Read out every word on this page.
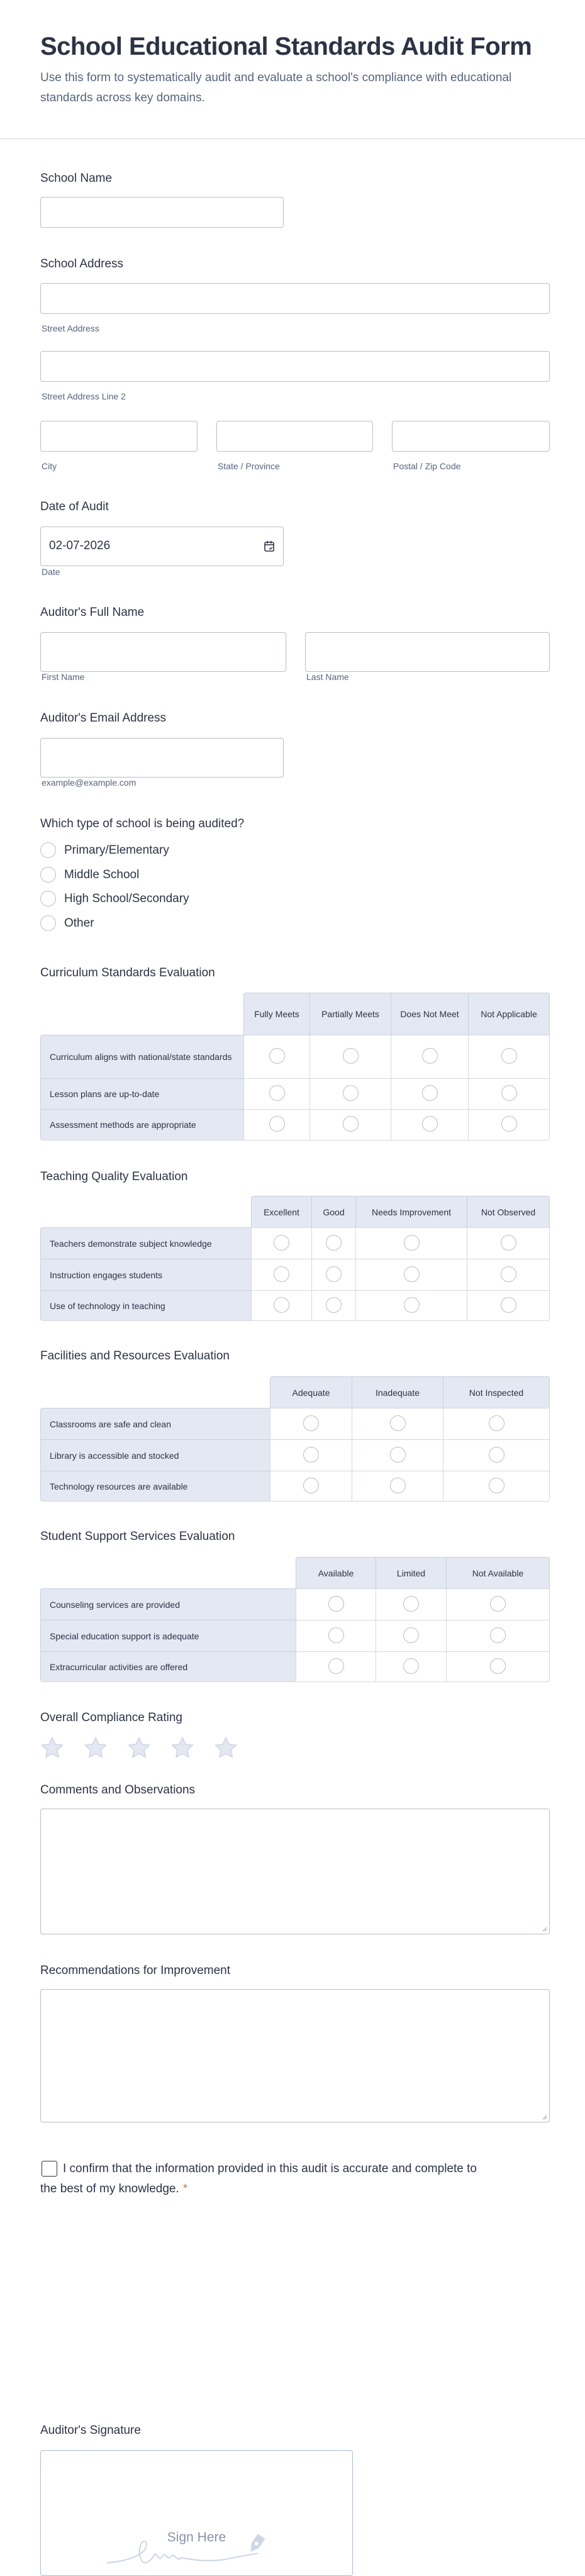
School Educational Standards Audit Form
Use this form to systematically audit and evaluate a school's compliance with educational standards across key domains.
School Name
School Address
Street Address
Street Address Line 2
City	State / Province	Postal / Zip Code
Date of Audit
02-07-2026
Date
Auditor's Full Name
First Name	Last Name
Auditor's Email Address
example@example.com
Which type of school is being audited?
Primary/Elementary
Middle School
High School/Secondary
Other
Curriculum Standards Evaluation
	Fully Meets	Partially Meets	Does Not Meet	Not Applicable
Curriculum aligns with national/state standards				
Lesson plans are up-to-date				
Assessment methods are appropriate				
Teaching Quality Evaluation
	Excellent	Good	Needs Improvement	Not Observed
Teachers demonstrate subject knowledge				
Instruction engages students				
Use of technology in teaching				
Facilities and Resources Evaluation
	Adequate	Inadequate	Not Inspected
Classrooms are safe and clean			
Library is accessible and stocked			
Technology resources are available			
Student Support Services Evaluation
	Available	Limited	Not Available
Counseling services are provided			
Special education support is adequate			
Extracurricular activities are offered			
Overall Compliance Rating
Comments and Observations
Recommendations for Improvement
I confirm that the information provided in this audit is accurate and complete to the best of my knowledge. *
Auditor's Signature
Sign Here
